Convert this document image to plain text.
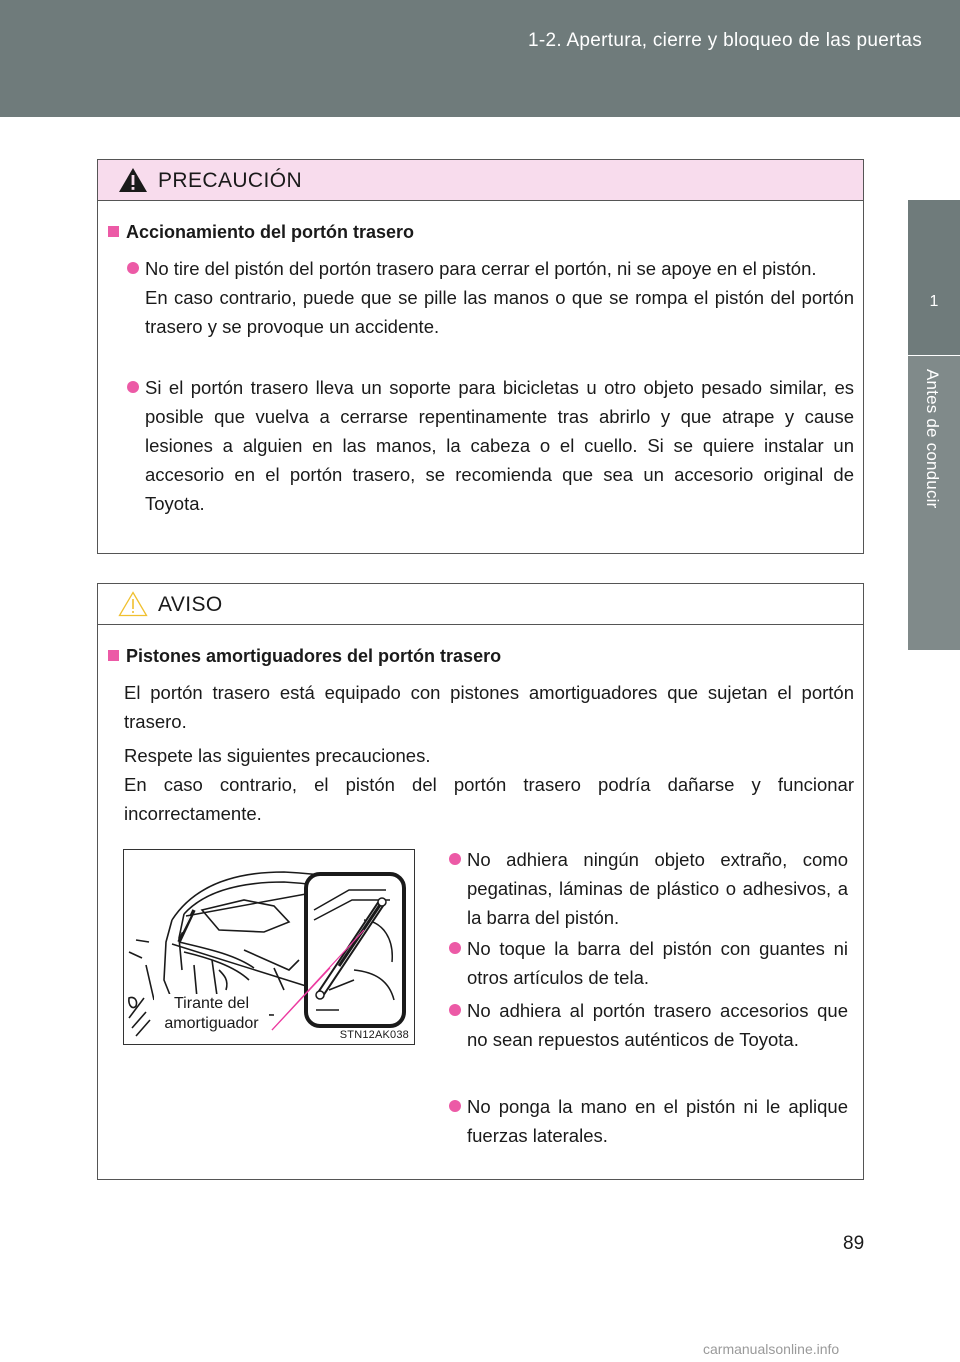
1-2. Apertura, cierre y bloqueo de las puertas
1
Antes de conducir
PRECAUCIÓN
Accionamiento del portón trasero
No tire del pistón del portón trasero para cerrar el portón, ni se apoye en el pistón.
En caso contrario, puede que se pille las manos o que se rompa el pistón del portón trasero y se provoque un accidente.
Si el portón trasero lleva un soporte para bicicletas u otro objeto pesado similar, es posible que vuelva a cerrarse repentinamente tras abrirlo y que atrape y cause lesiones a alguien en las manos, la cabeza o el cuello. Si se quiere instalar un accesorio en el portón trasero, se recomienda que sea un accesorio original de Toyota.
AVISO
Pistones amortiguadores del portón trasero
El portón trasero está equipado con pistones amortiguadores que sujetan el portón trasero.
Respete las siguientes precauciones.
En caso contrario, el pistón del portón trasero podría dañarse y funcionar incorrectamente.
No adhiera ningún objeto extraño, como pegatinas, láminas de plástico o adhesivos, a la barra del pistón.
No toque la barra del pistón con guantes ni otros artículos de tela.
No adhiera al portón trasero accesorios que no sean repuestos auténticos de Toyota.
No ponga la mano en el pistón ni le aplique fuerzas laterales.
Tirante del
amortiguador
STN12AK038
89
carmanualsonline.info
